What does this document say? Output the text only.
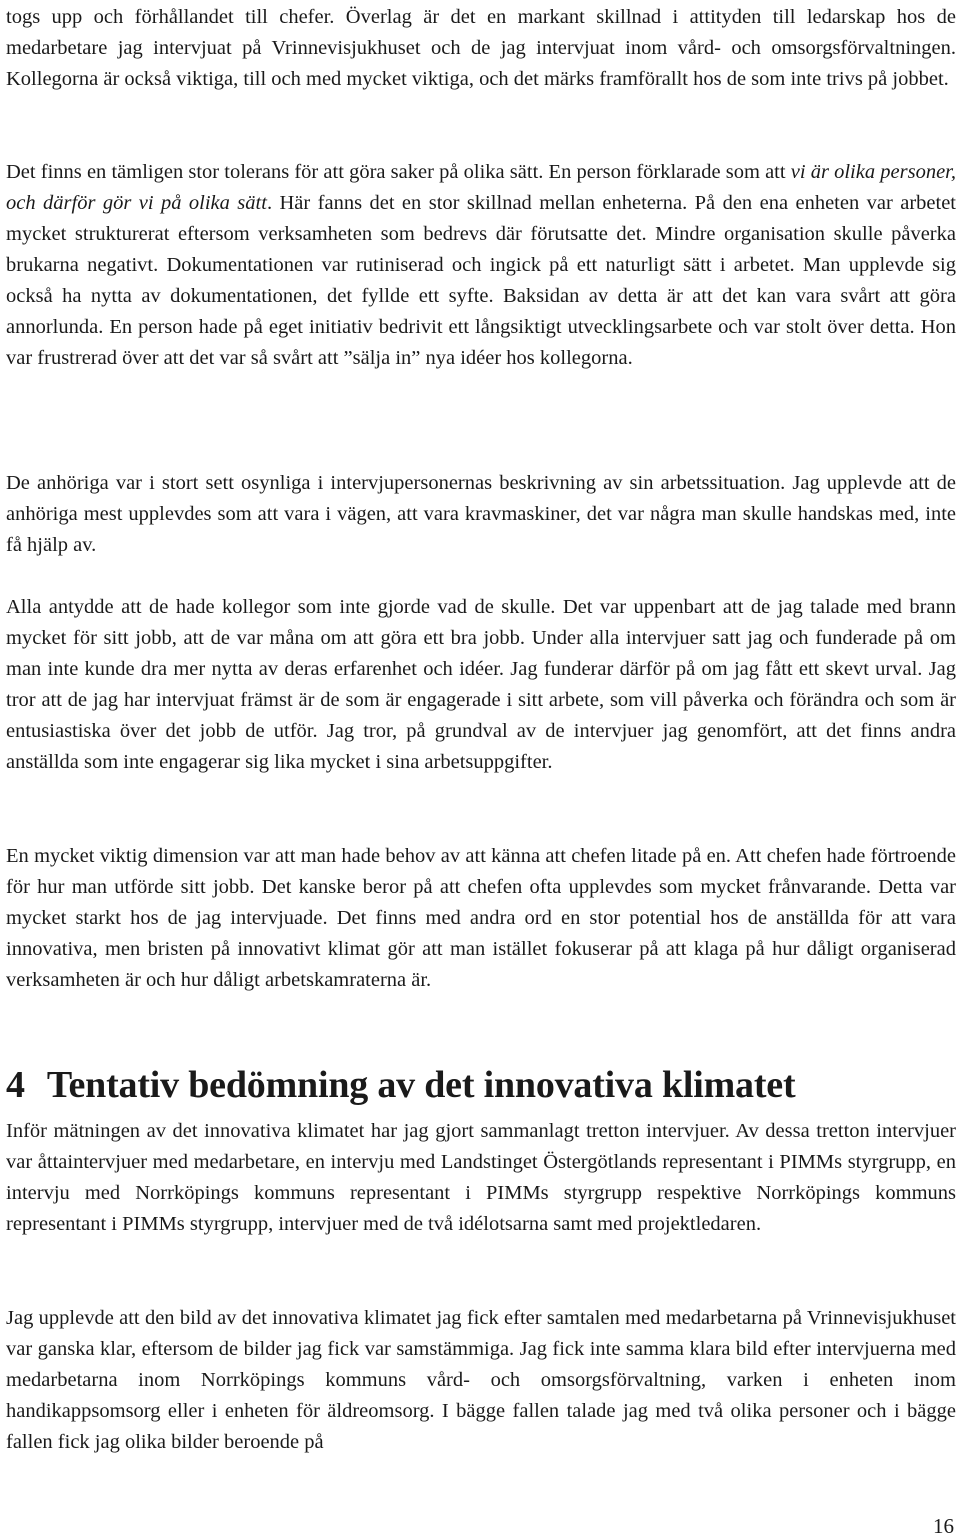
togs upp och förhållandet till chefer. Överlag är det en markant skillnad i attityden till ledarskap hos de medarbetare jag intervjuat på Vrinnevisjukhuset och de jag intervjuat inom vård- och omsorgsförvaltningen. Kollegorna är också viktiga, till och med mycket viktiga, och det märks framförallt hos de som inte trivs på jobbet.

Det finns en tämligen stor tolerans för att göra saker på olika sätt. En person förklarade som att vi är olika personer, och därför gör vi på olika sätt. Här fanns det en stor skillnad mellan enheterna. På den ena enheten var arbetet mycket strukturerat eftersom verksamheten som bedrevs där förutsatte det. Mindre organisation skulle påverka brukarna negativt. Dokumentationen var rutiniserad och ingick på ett naturligt sätt i arbetet. Man upplevde sig också ha nytta av dokumentationen, det fyllde ett syfte. Baksidan av detta är att det kan vara svårt att göra annorlunda. En person hade på eget initiativ bedrivit ett långsiktigt utvecklingsarbete och var stolt över detta. Hon var frustrerad över att det var så svårt att ”sälja in” nya idéer hos kollegorna.

De anhöriga var i stort sett osynliga i intervjupersonernas beskrivning av sin arbetssituation. Jag upplevde att de anhöriga mest upplevdes som att vara i vägen, att vara kravmaskiner, det var några man skulle handskas med, inte få hjälp av.

Alla antydde att de hade kollegor som inte gjorde vad de skulle. Det var uppenbart att de jag talade med brann mycket för sitt jobb, att de var måna om att göra ett bra jobb. Under alla intervjuer satt jag och funderade på om man inte kunde dra mer nytta av deras erfarenhet och idéer. Jag funderar därför på om jag fått ett skevt urval. Jag tror att de jag har intervjuat främst är de som är engagerade i sitt arbete, som vill påverka och förändra och som är entusiastiska över det jobb de utför. Jag tror, på grundval av de intervjuer jag genomfört, att det finns andra anställda som inte engagerar sig lika mycket i sina arbetsuppgifter.

En mycket viktig dimension var att man hade behov av att känna att chefen litade på en. Att chefen hade förtroende för hur man utförde sitt jobb. Det kanske beror på att chefen ofta upplevdes som mycket frånvarande. Detta var mycket starkt hos de jag intervjuade. Det finns med andra ord en stor potential hos de anställda för att vara innovativa, men bristen på innovativt klimat gör att man istället fokuserar på att klaga på hur dåligt organiserad verksamheten är och hur dåligt arbetskamraterna är.

4 Tentativ bedömning av det innovativa klimatet

Inför mätningen av det innovativa klimatet har jag gjort sammanlagt tretton intervjuer. Av dessa tretton intervjuer var åttaintervjuer med medarbetare, en intervju med Landstinget Östergötlands representant i PIMMs styrgrupp, en intervju med Norrköpings kommuns representant i PIMMs styrgrupp respektive Norrköpings kommuns representant i PIMMs styrgrupp, intervjuer med de två idélotsarna samt med projektledaren.

Jag upplevde att den bild av det innovativa klimatet jag fick efter samtalen med medarbetarna på Vrinnevisjukhuset var ganska klar, eftersom de bilder jag fick var samstämmiga. Jag fick inte samma klara bild efter intervjuerna med medarbetarna inom Norrköpings kommuns vård- och omsorgsförvaltning, varken i enheten inom handikappsomsorg eller i enheten för äldreomsorg. I bägge fallen talade jag med två olika personer och i bägge fallen fick jag olika bilder beroende på

16
